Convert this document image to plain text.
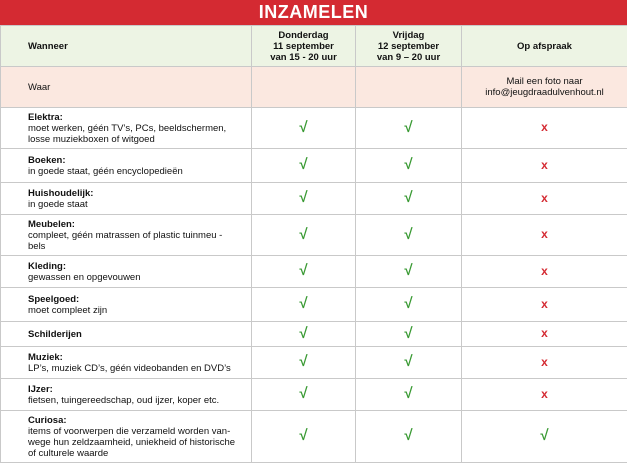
INZAMELEN
Wanneer	Donderdag
11 september
van 15 - 20 uur	Vrijdag
12 september
van 9 – 20 uur	Op afspraak
Waar			Mail een foto naar
info@jeugdraadulvenhout.nl

Elektra:
moet werken, géén TV’s, PCs, beeldschermen,
losse muziekboxen of witgoed	√	√	x

Boeken:
in goede staat, géén encyclopedieën	√	√	x

Huishoudelijk:
in goede staat	√	√	x

Meubelen:
compleet, géén matrassen of plastic tuinmeu -
bels	√	√	x

Kleding:
gewassen en opgevouwen	√	√	x

Speelgoed:
moet compleet zijn	√	√	x

Schilderijen	√	√	x

Muziek:
LP’s, muziek CD’s, géén videobanden en DVD’s	√	√	x

IJzer:
fietsen, tuingereedschap, oud ijzer, koper etc.	√	√	x

Curiosa:
items of voorwerpen die verzameld worden van-
wege hun zeldzaamheid, uniekheid of historische
of culturele waarde	√	√	√
